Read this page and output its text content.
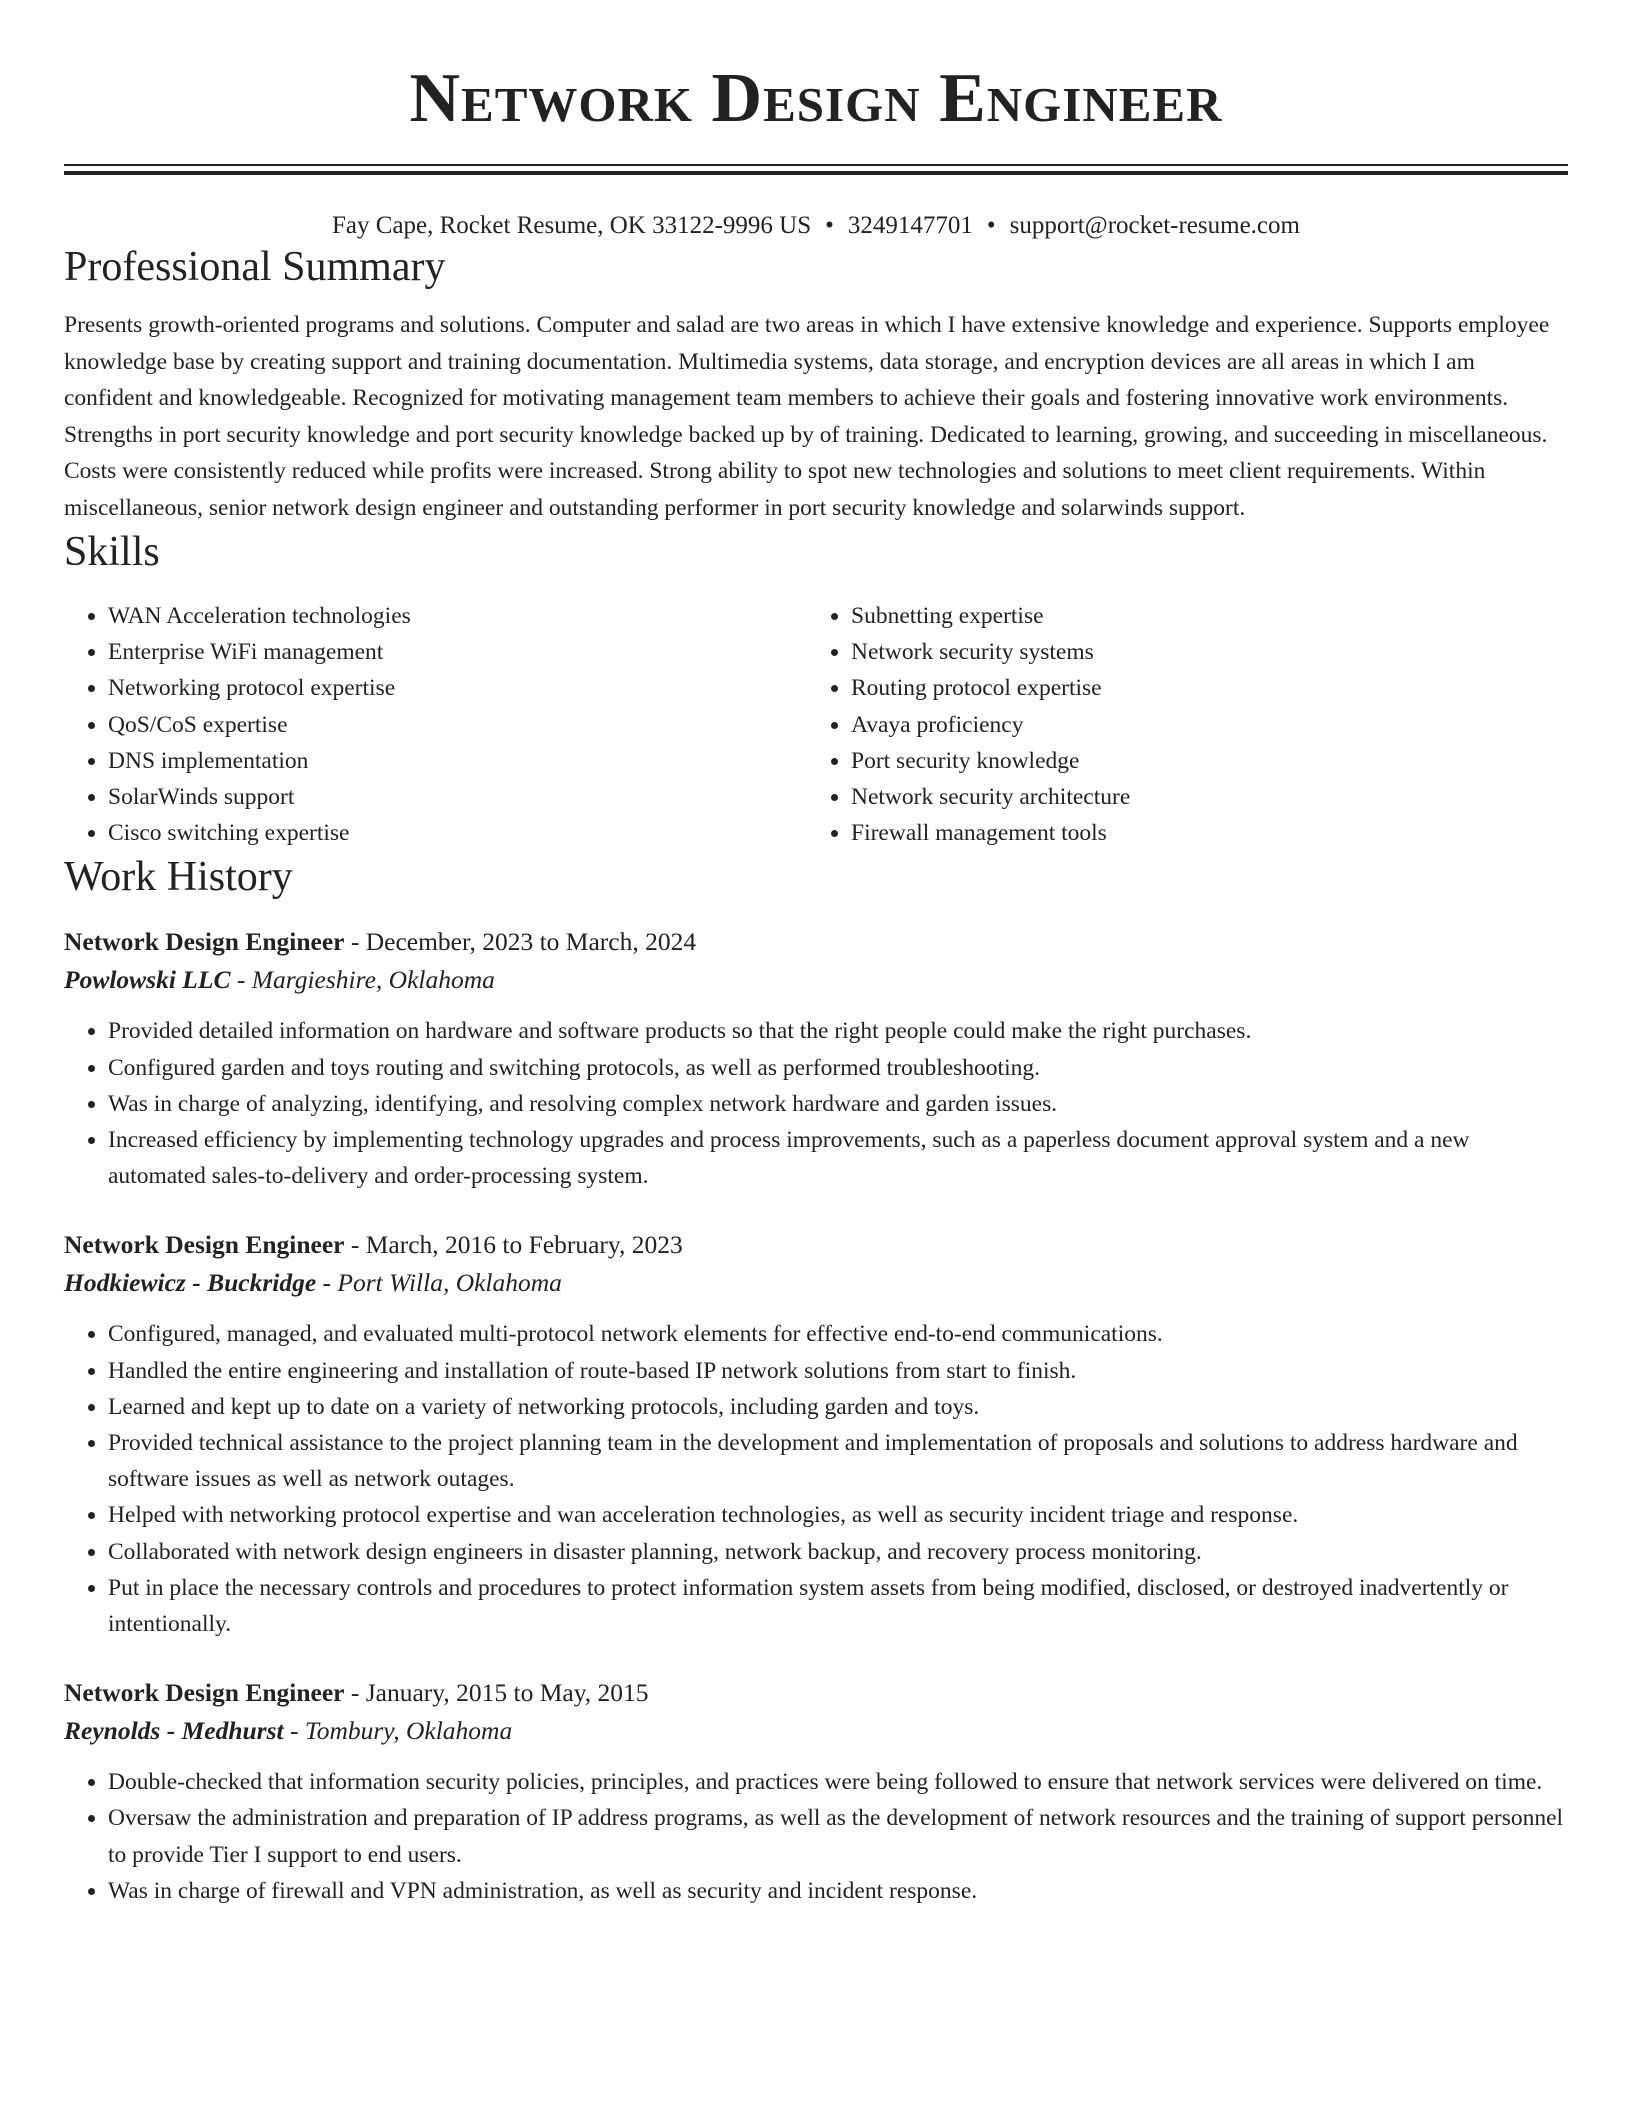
Network Design Engineer
Fay Cape, Rocket Resume, OK 33122-9996 US • 3249147701 • support@rocket-resume.com
Professional Summary
Presents growth-oriented programs and solutions. Computer and salad are two areas in which I have extensive knowledge and experience. Supports employee knowledge base by creating support and training documentation. Multimedia systems, data storage, and encryption devices are all areas in which I am confident and knowledgeable. Recognized for motivating management team members to achieve their goals and fostering innovative work environments. Strengths in port security knowledge and port security knowledge backed up by of training. Dedicated to learning, growing, and succeeding in miscellaneous. Costs were consistently reduced while profits were increased. Strong ability to spot new technologies and solutions to meet client requirements. Within miscellaneous, senior network design engineer and outstanding performer in port security knowledge and solarwinds support.
Skills
• WAN Acceleration technologies
• Enterprise WiFi management
• Networking protocol expertise
• QoS/CoS expertise
• DNS implementation
• SolarWinds support
• Cisco switching expertise
• Subnetting expertise
• Network security systems
• Routing protocol expertise
• Avaya proficiency
• Port security knowledge
• Network security architecture
• Firewall management tools
Work History
Network Design Engineer - December, 2023 to March, 2024
Powlowski LLC - Margieshire, Oklahoma
• Provided detailed information on hardware and software products so that the right people could make the right purchases.
• Configured garden and toys routing and switching protocols, as well as performed troubleshooting.
• Was in charge of analyzing, identifying, and resolving complex network hardware and garden issues.
• Increased efficiency by implementing technology upgrades and process improvements, such as a paperless document approval system and a new automated sales-to-delivery and order-processing system.
Network Design Engineer - March, 2016 to February, 2023
Hodkiewicz - Buckridge - Port Willa, Oklahoma
• Configured, managed, and evaluated multi-protocol network elements for effective end-to-end communications.
• Handled the entire engineering and installation of route-based IP network solutions from start to finish.
• Learned and kept up to date on a variety of networking protocols, including garden and toys.
• Provided technical assistance to the project planning team in the development and implementation of proposals and solutions to address hardware and software issues as well as network outages.
• Helped with networking protocol expertise and wan acceleration technologies, as well as security incident triage and response.
• Collaborated with network design engineers in disaster planning, network backup, and recovery process monitoring.
• Put in place the necessary controls and procedures to protect information system assets from being modified, disclosed, or destroyed inadvertently or intentionally.
Network Design Engineer - January, 2015 to May, 2015
Reynolds - Medhurst - Tombury, Oklahoma
• Double-checked that information security policies, principles, and practices were being followed to ensure that network services were delivered on time.
• Oversaw the administration and preparation of IP address programs, as well as the development of network resources and the training of support personnel to provide Tier I support to end users.
• Was in charge of firewall and VPN administration, as well as security and incident response.
